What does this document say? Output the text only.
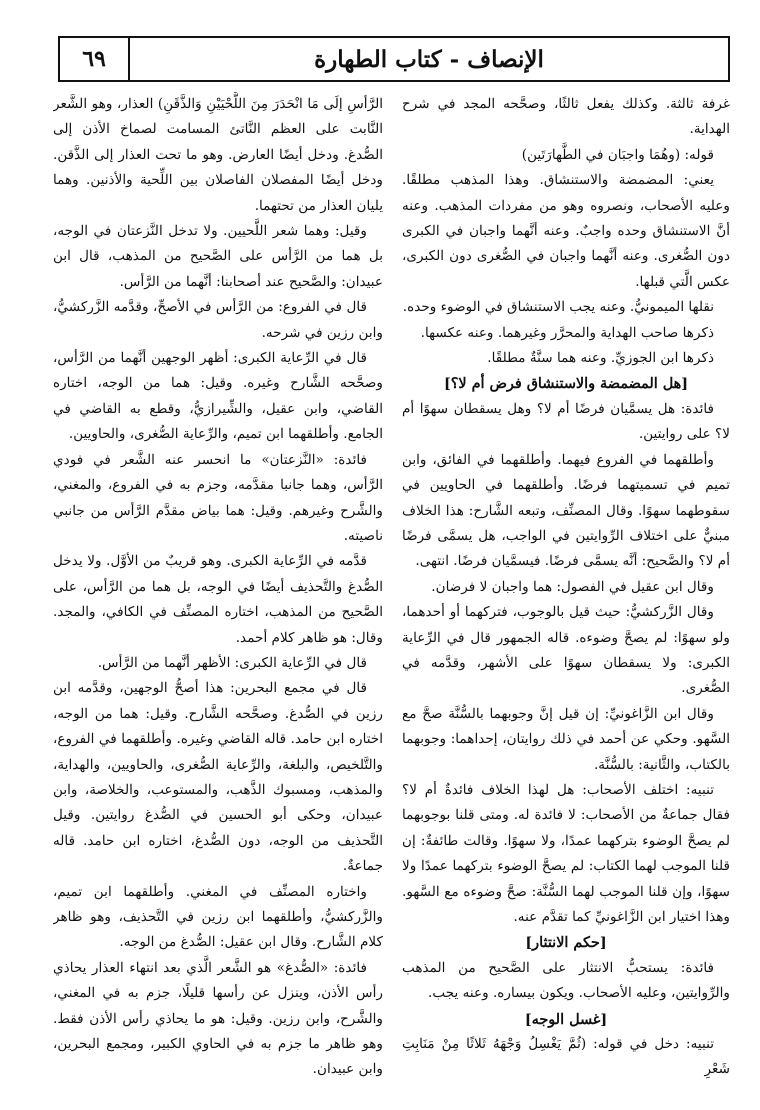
الإنصاف - كتاب الطهارة
٦٩

غرفة ثالثة. وكذلك يفعل ثالثًا، وصحَّحه المجد في شرح الهداية.

قوله: (وهُمَا واجبَان في الطَّهارَتَين)

يعني: المضمضة والاستنشاق. وهذا المذهب مطلقًا. وعليه الأصحاب، ونصروه وهو من مفردات المذهب. وعنه أنَّ الاستنشاق وحده واجبٌ. وعنه أنَّهما واجبان في الكبرى دون الصُّغرى. وعنه أنَّهما واجبان في الصُّغرى دون الكبرى، عكس الَّتي قبلها.

نقلها الميمونيُّ. وعنه يجب الاستنشاق في الوضوء وحده.

ذكرها صاحب الهداية والمحرَّر وغيرهما. وعنه عكسها.

ذكرها ابن الجوزيِّ. وعنه هما سنَّةٌ مطلقًا.

[هل المضمضة والاستنشاق فرض أم لا؟]

فائدة: هل يسمَّيان فرضًا أم لا؟ وهل يسقطان سهوًا أم لا؟ على روايتين.

وأطلقهما في الفروع فيهما. وأطلقهما في الفائق، وابن تميم في تسميتهما فرضًا. وأطلقهما في الحاويين في سقوطهما سهوًا. وقال المصنِّف، وتبعه الشَّارح: هذا الخلاف مبنيٌّ على اختلاف الرِّوايتين في الواجب، هل يسمَّى فرضًا أم لا؟ والصَّحيح: أنَّه يسمَّى فرضًا. فيسمَّيان فرضًا. انتهى.

وقال ابن عقيل في الفصول: هما واجبان لا فرضان.

وقال الزَّركشيُّ: حيث قيل بالوجوب، فتركهما أو أحدهما، ولو سهوًا: لم يصحَّ وضوءه. قاله الجمهور قال في الرِّعاية الكبرى: ولا يسقطان سهوًا على الأشهر، وقدَّمه في الصُّغرى.

وقال ابن الزَّاغونيِّ: إن قيل إنَّ وجوبهما بالسُّنَّة صحَّ مع السَّهو. وحكي عن أحمد في ذلك روايتان، إحداهما: وجوبهما بالكتاب، والثَّانية: بالسُّنَّة.

تنبيه: اختلف الأصحاب: هل لهذا الخلاف فائدةٌ أم لا؟ فقال جماعةٌ من الأصحاب: لا فائدة له. ومتى قلنا بوجوبهما لم يصحَّ الوضوء بتركهما عمدًا، ولا سهوًا. وقالت طائفةٌ: إن قلنا الموجب لهما الكتاب: لم يصحَّ الوضوء بتركهما عمدًا ولا سهوًا، وإن قلنا الموجب لهما السُّنَّة: صحَّ وضوءه مع السَّهو. وهذا اختيار ابن الزَّاغونيِّ كما تقدَّم عنه.

[حكم الانتثار]

فائدة: يستحبُّ الانتثار على الصَّحيح من المذهب والرِّوايتين، وعليه الأصحاب. ويكون بيساره. وعنه يجب.

[غسل الوجه]

تنبيه: دخل في قوله: (ثُمَّ يَغْسِلُ وَجْهَهُ ثَلاثًا مِنْ مَنَابِتِ شَعْرِ

الرَّأسِ إلَى مَا انْحَدَرَ مِنَ اللَّحْيَيْنِ وَالذَّقَنِ) العذار، وهو الشَّعر النَّابت على العظم النَّاتئ المسامت لصماخ الأذن إلى الصُّدغ. ودخل أيضًا العارض. وهو ما تحت العذار إلى الذَّقن. ودخل أيضًا المفصلان الفاصلان بين اللِّحية والأذنين. وهما يليان العذار من تحتهما.

وقيل: وهما شعر اللَّحيين. ولا تدخل النَّزعتان في الوجه، بل هما من الرَّأس على الصَّحيح من المذهب، قال ابن عبيدان: والصَّحيح عند أصحابنا: أنَّهما من الرَّأس.

قال في الفروع: من الرَّأس في الأصحِّ، وقدَّمه الزَّركشيُّ، وابن رزين في شرحه.

قال في الرِّعاية الكبرى: أظهر الوجهين أنَّهما من الرَّأس، وصحَّحه الشَّارح وغيره. وقيل: هما من الوجه، اختاره القاضي، وابن عقيل، والشِّيرازيُّ، وقطع به القاضي في الجامع. وأطلقهما ابن تميم، والرِّعاية الصُّغرى، والحاويين.

فائدة: «النَّزعتان» ما انحسر عنه الشَّعر في فودي الرَّأس، وهما جانبا مقدَّمه، وجزم به في الفروع، والمغني، والشَّرح وغيرهم. وقيل: هما بياض مقدَّم الرَّأس من جانبي ناصيته.

قدَّمه في الرِّعاية الكبرى. وهو قريبٌ من الأوَّل. ولا يدخل الصُّدغ والتَّحذيف أيضًا في الوجه، بل هما من الرَّأس، على الصَّحيح من المذهب، اختاره المصنِّف في الكافي، والمجد. وقال: هو ظاهر كلام أحمد.

قال في الرِّعاية الكبرى: الأظهر أنَّهما من الرَّأس.

قال في مجمع البحرين: هذا أصحُّ الوجهين، وقدَّمه ابن رزين في الصُّدغ. وصحَّحه الشَّارح. وقيل: هما من الوجه، اختاره ابن حامد. قاله القاضي وغيره. وأطلقهما في الفروع، والتَّلخيص، والبلغة، والرِّعاية الصُّغرى، والحاويين، والهداية، والمذهب، ومسبوك الذَّهب، والمستوعب، والخلاصة، وابن عبيدان، وحكى أبو الحسين في الصُّدغ روايتين. وقيل التَّحذيف من الوجه، دون الصُّدغ، اختاره ابن حامد. قاله جماعةٌ.

واختاره المصنِّف في المغني. وأطلقهما ابن تميم، والزَّركشيُّ، وأطلقهما ابن رزين في التَّحذيف، وهو ظاهر كلام الشَّارح. وقال ابن عقيل: الصُّدغ من الوجه.

فائدة: «الصُّدغ» هو الشَّعر الَّذي بعد انتهاء العذار يحاذي رأس الأذن، وينزل عن رأسها قليلًا، جزم به في المغني، والشَّرح، وابن رزين. وقيل: هو ما يحاذي رأس الأذن فقط. وهو ظاهر ما جزم به في الحاوي الكبير، ومجمع البحرين، وابن عبيدان.
